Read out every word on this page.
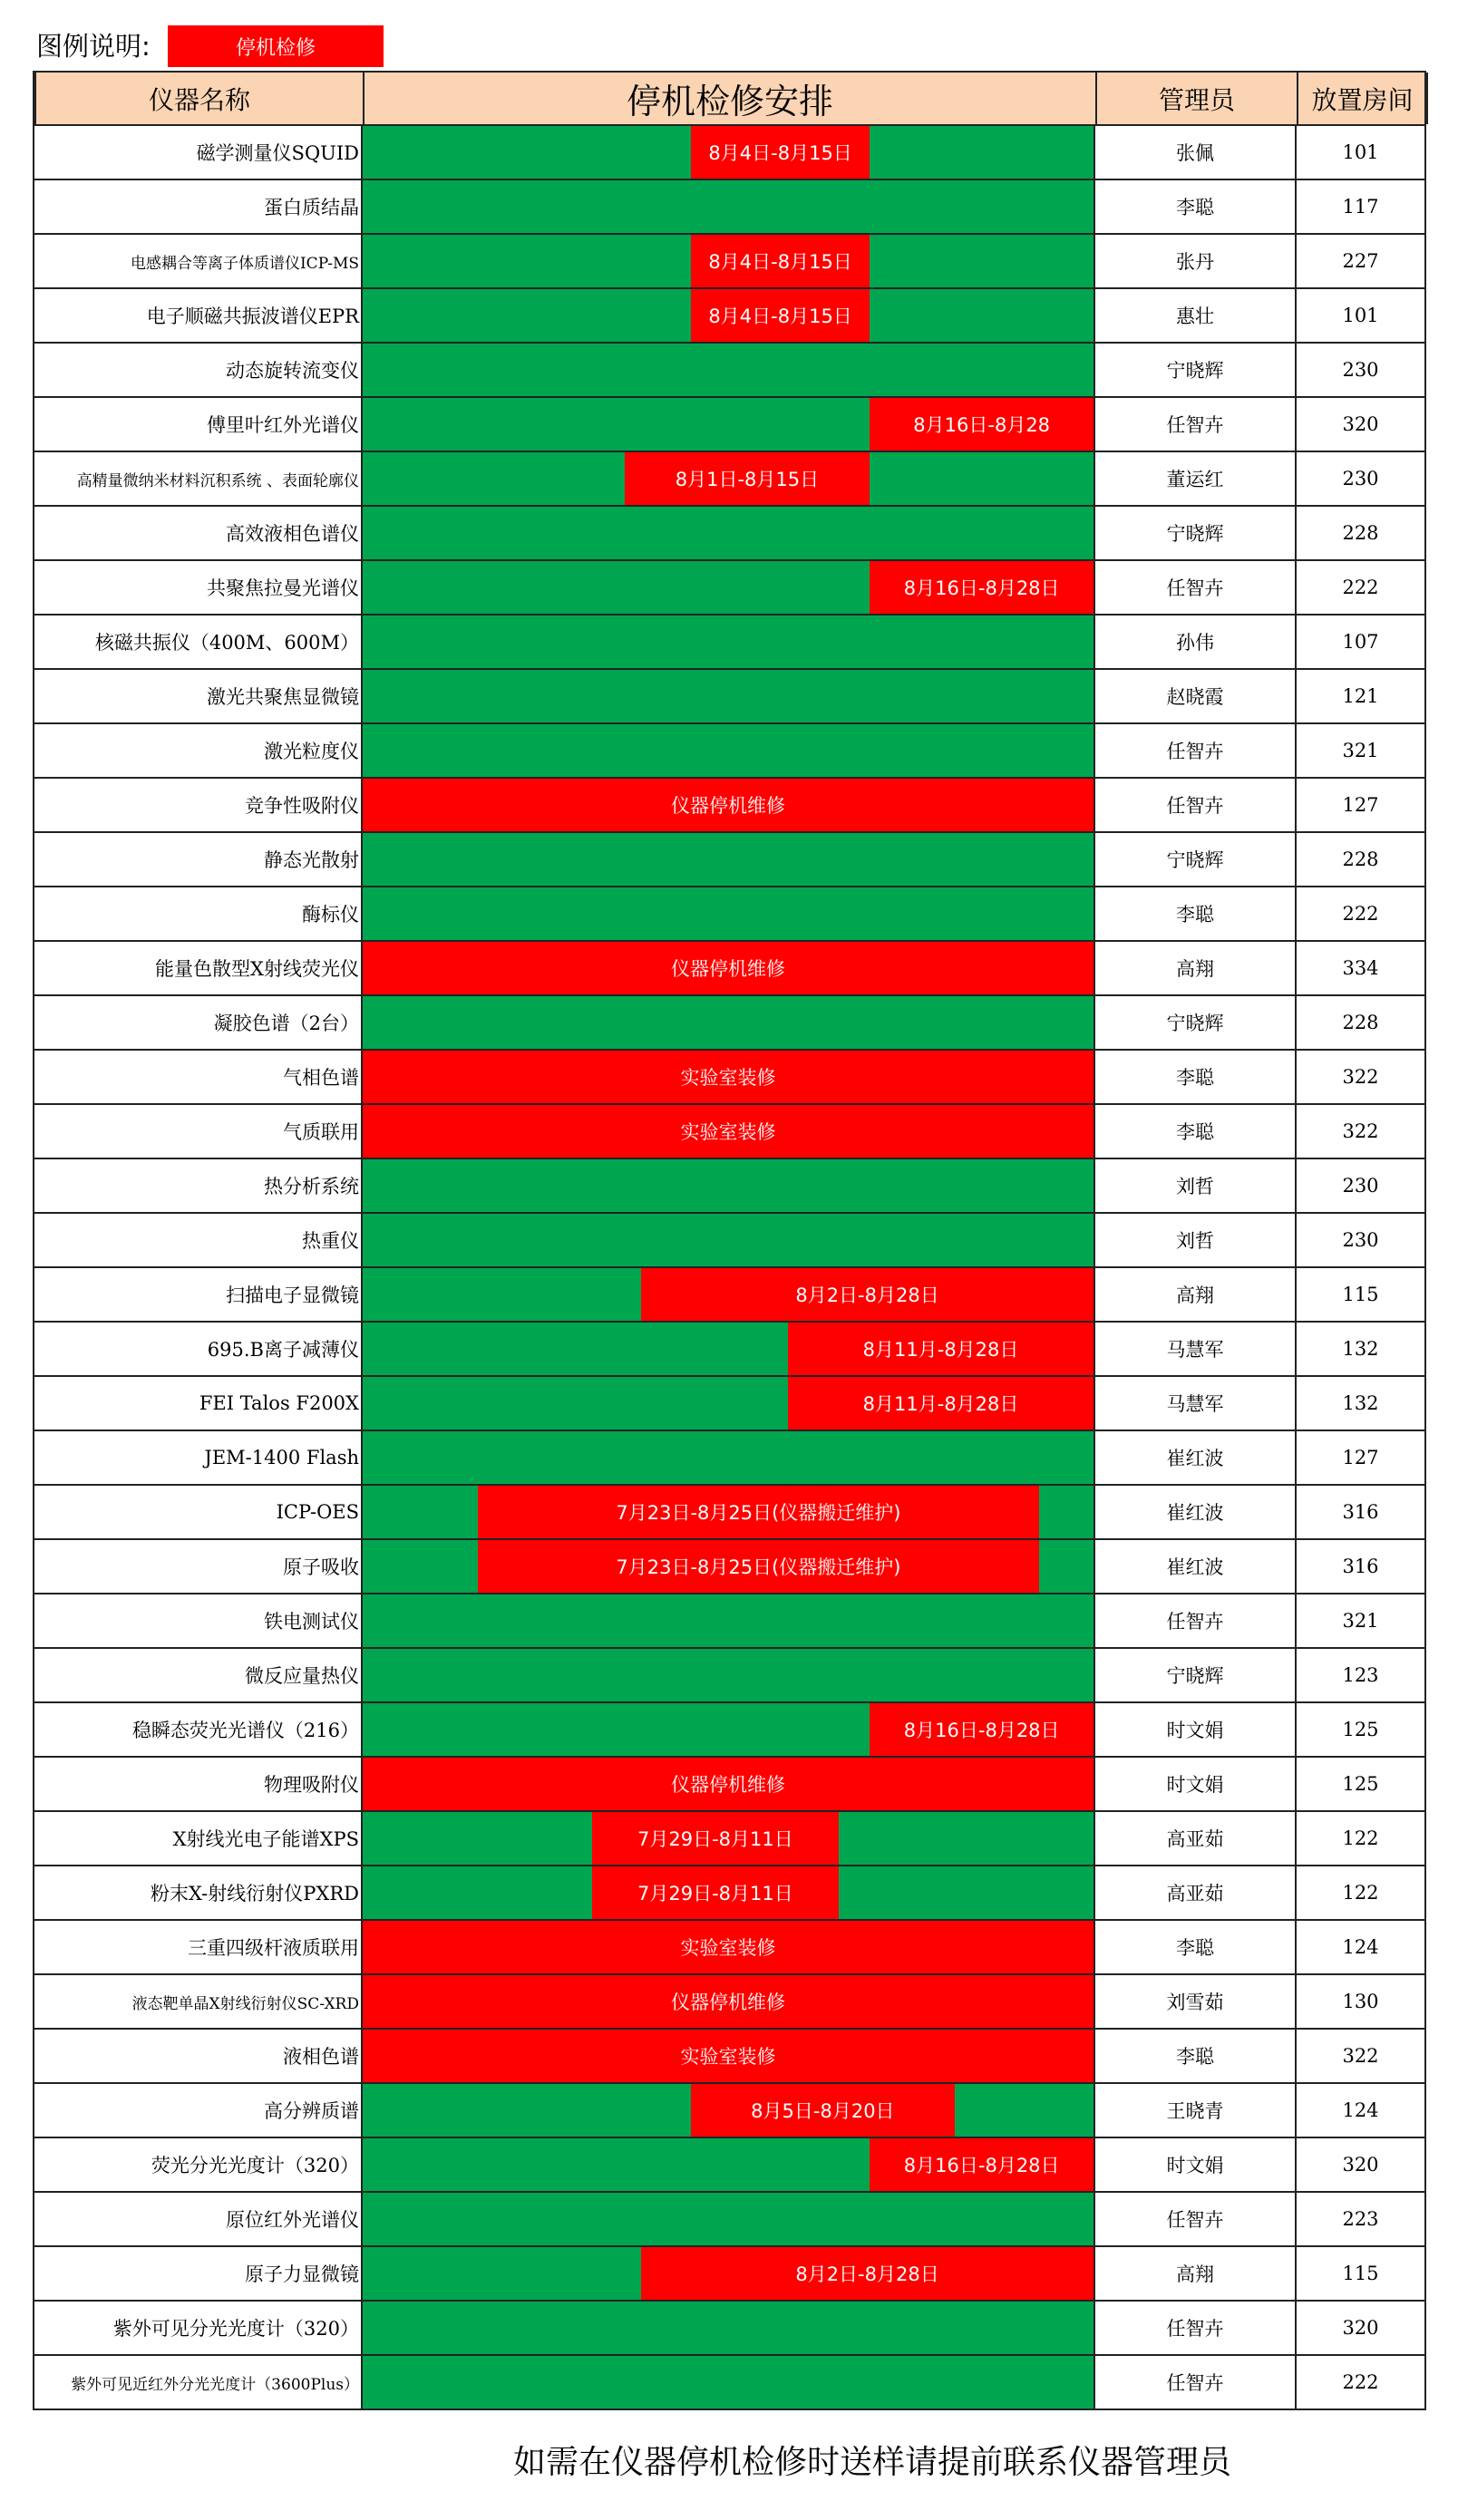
图例说明:	停机检修
仪器名称	停机检修安排	管理员	放置房间
磁学测量仪SQUID	8月4日-8月15日	张佩	101
蛋白质结晶	李聪	117
电感耦合等离子体质谱仪ICP-MS	8月4日-8月15日	张丹	227
电子顺磁共振波谱仪EPR	8月4日-8月15日	惠壮	101
动态旋转流变仪	宁晓辉	230
傅里叶红外光谱仪	8月16日-8月28	任智卉	320
高精量微纳米材料沉积系统 、表面轮廓仪	8月1日-8月15日	董运红	230
高效液相色谱仪	宁晓辉	228
共聚焦拉曼光谱仪	8月16日-8月28日	任智卉	222
核磁共振仪（400M、600M）	孙伟	107
激光共聚焦显微镜	赵晓霞	121
激光粒度仪	任智卉	321
竞争性吸附仪	仪器停机维修	任智卉	127
静态光散射	宁晓辉	228
酶标仪	李聪	222
能量色散型X射线荧光仪	仪器停机维修	高翔	334
凝胶色谱（2台）	宁晓辉	228
气相色谱	实验室装修	李聪	322
气质联用	实验室装修	李聪	322
热分析系统	刘哲	230
热重仪	刘哲	230
扫描电子显微镜	8月2日-8月28日	高翔	115
695.B离子减薄仪	8月11月-8月28日	马慧军	132
FEI Talos F200X	8月11月-8月28日	马慧军	132
JEM-1400 Flash	崔红波	127
ICP-OES	7月23日-8月25日(仪器搬迁维护)	崔红波	316
原子吸收	7月23日-8月25日(仪器搬迁维护)	崔红波	316
铁电测试仪	任智卉	321
微反应量热仪	宁晓辉	123
稳瞬态荧光光谱仪（216）	8月16日-8月28日	时文娟	125
物理吸附仪	仪器停机维修	时文娟	125
X射线光电子能谱XPS	7月29日-8月11日	高亚茹	122
粉末X-射线衍射仪PXRD	7月29日-8月11日	高亚茹	122
三重四级杆液质联用	实验室装修	李聪	124
液态靶单晶X射线衍射仪SC-XRD	仪器停机维修	刘雪茹	130
液相色谱	实验室装修	李聪	322
高分辨质谱	8月5日-8月20日	王晓青	124
荧光分光光度计（320）	8月16日-8月28日	时文娟	320
原位红外光谱仪	任智卉	223
原子力显微镜	8月2日-8月28日	高翔	115
紫外可见分光光度计（320）	任智卉	320
紫外可见近红外分光光度计（3600Plus）	任智卉	222
如需在仪器停机检修时送样请提前联系仪器管理员
